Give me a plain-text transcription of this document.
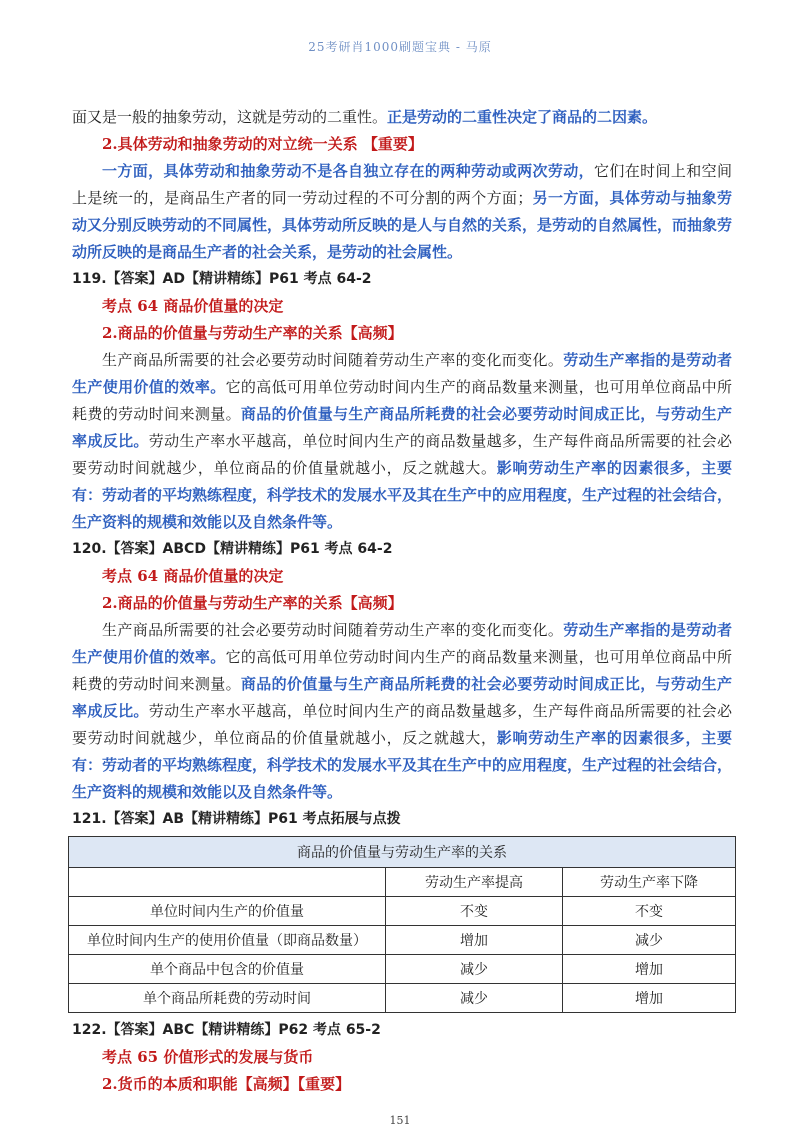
25考研肖1000刷题宝典 - 马原

面又是一般的抽象劳动，这就是劳动的二重性。正是劳动的二重性决定了商品的二因素。

2.具体劳动和抽象劳动的对立统一关系 【重要】

一方面，具体劳动和抽象劳动不是各自独立存在的两种劳动或两次劳动，它们在时间上和空间上是统一的，是商品生产者的同一劳动过程的不可分割的两个方面；另一方面，具体劳动与抽象劳动又分别反映劳动的不同属性，具体劳动所反映的是人与自然的关系，是劳动的自然属性，而抽象劳动所反映的是商品生产者的社会关系，是劳动的社会属性。

119.【答案】AD【精讲精练】P61 考点 64-2

考点 64 商品价值量的决定

2.商品的价值量与劳动生产率的关系【高频】

生产商品所需要的社会必要劳动时间随着劳动生产率的变化而变化。劳动生产率指的是劳动者生产使用价值的效率。它的高低可用单位劳动时间内生产的商品数量来测量，也可用单位商品中所耗费的劳动时间来测量。商品的价值量与生产商品所耗费的社会必要劳动时间成正比，与劳动生产率成反比。劳动生产率水平越高，单位时间内生产的商品数量越多，生产每件商品所需要的社会必要劳动时间就越少，单位商品的价值量就越小，反之就越大。影响劳动生产率的因素很多，主要有：劳动者的平均熟练程度，科学技术的发展水平及其在生产中的应用程度，生产过程的社会结合，生产资料的规模和效能以及自然条件等。

120.【答案】ABCD【精讲精练】P61 考点 64-2

考点 64 商品价值量的决定

2.商品的价值量与劳动生产率的关系【高频】

生产商品所需要的社会必要劳动时间随着劳动生产率的变化而变化。劳动生产率指的是劳动者生产使用价值的效率。它的高低可用单位劳动时间内生产的商品数量来测量，也可用单位商品中所耗费的劳动时间来测量。商品的价值量与生产商品所耗费的社会必要劳动时间成正比，与劳动生产率成反比。劳动生产率水平越高，单位时间内生产的商品数量越多，生产每件商品所需要的社会必要劳动时间就越少，单位商品的价值量就越小，反之就越大，影响劳动生产率的因素很多，主要有：劳动者的平均熟练程度，科学技术的发展水平及其在生产中的应用程度，生产过程的社会结合，生产资料的规模和效能以及自然条件等。

121.【答案】AB【精讲精练】P61 考点拓展与点拨

商品的价值量与劳动生产率的关系		
	劳动生产率提高	劳动生产率下降
单位时间内生产的价值量	不变	不变
单位时间内生产的使用价值量（即商品数量）	增加	减少
单个商品中包含的价值量	减少	增加
单个商品所耗费的劳动时间	减少	增加

122.【答案】ABC【精讲精练】P62 考点 65-2

考点 65 价值形式的发展与货币

2.货币的本质和职能【高频】【重要】

151
